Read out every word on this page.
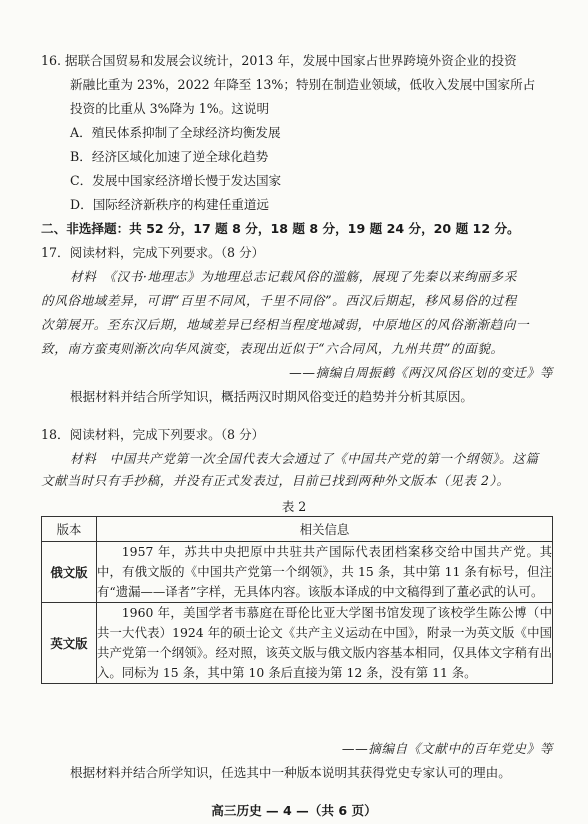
16. 据联合国贸易和发展会议统计，2013 年，发展中国家占世界跨境外资企业的投资
新融比重为 23%，2022 年降至 13%；特别在制造业领域，低收入发展中国家所占
投资的比重从 3%降为 1%。这说明
A．殖民体系抑制了全球经济均衡发展
B．经济区域化加速了逆全球化趋势
C．发展中国家经济增长慢于发达国家
D．国际经济新秩序的构建任重道远
二、非选择题：共 52 分，17 题 8 分，18 题 8 分，19 题 24 分，20 题 12 分。
17．阅读材料，完成下列要求。（8 分）
材料　《汉书·地理志》为地理总志记载风俗的滥觞，展现了先秦以来绚丽多采
的风俗地域差异，可谓“百里不同风，千里不同俗”。西汉后期起，移风易俗的过程
次第展开。至东汉后期，地域差异已经相当程度地减弱，中原地区的风俗渐渐趋向一
致，南方蛮夷则渐次向华风演变，表现出近似于“六合同风，九州共贯”的面貌。
——摘编自周振鹤《两汉风俗区划的变迁》等
根据材料并结合所学知识，概括两汉时期风俗变迁的趋势并分析其原因。
18．阅读材料，完成下列要求。（8 分）
材料　中国共产党第一次全国代表大会通过了《中国共产党的第一个纲领》。这篇
文献当时只有手抄稿，并没有正式发表过，目前已找到两种外文版本（见表 2）。
表 2
版本	相关信息
俄文版	1957 年，苏共中央把原中共驻共产国际代表团档案移交给中国共产党。其中，有俄文版的《中国共产党第一个纲领》，共 15 条，其中第 11 条有标号，但注有“遗漏——译者”字样，无具体内容。该版本译成的中文稿得到了董必武的认可。

英文版	1960 年，美国学者韦慕庭在哥伦比亚大学图书馆发现了该校学生陈公博（中共一大代表）1924 年的硕士论文《共产主义运动在中国》，附录一为英文版《中国共产党第一个纲领》。经对照，该英文版与俄文版内容基本相同，仅具体文字稍有出入。同标为 15 条，其中第 10 条后直接为第 12 条，没有第 11 条。
——摘编自《文献中的百年党史》等
根据材料并结合所学知识，任选其中一种版本说明其获得党史专家认可的理由。
高三历史 — 4 —（共 6 页）
